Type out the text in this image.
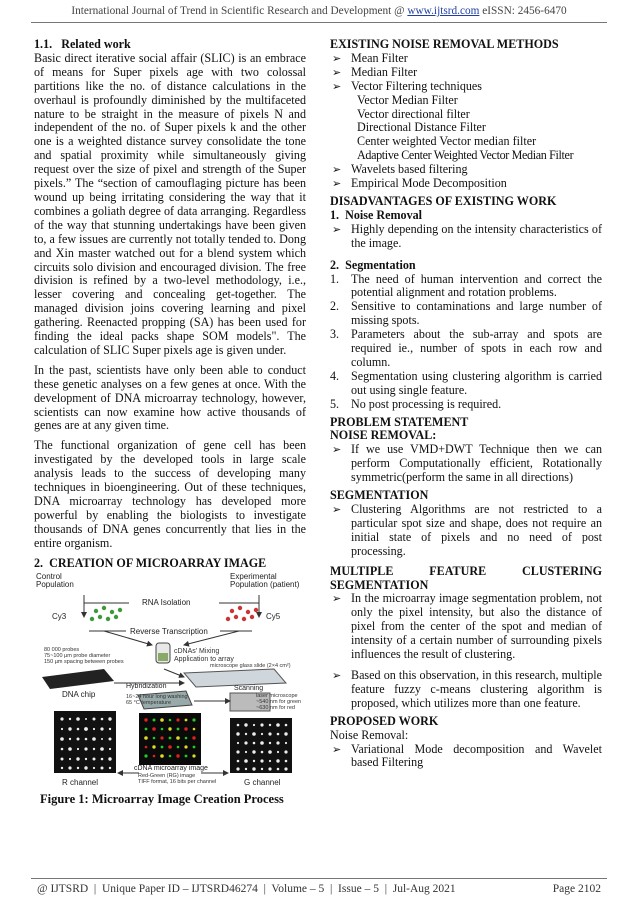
International Journal of Trend in Scientific Research and Development @ www.ijtsrd.com eISSN: 2456-6470
1.1.   Related work

Basic direct iterative social affair (SLIC) is an embrace of means for Super pixels age with two colossal partitions like the no. of distance calculations in the overhaul is profoundly diminished by the multifaceted nature to be straight in the measure of pixels N and independent of the no. of Super pixels k and the other one is a weighted distance survey consolidate the tone and spatial proximity while simultaneously giving request over the size of pixel and strength of the Super pixels.” The “section of camouflaging picture has been wound up being irritating considering the way that it combines a goliath degree of data arranging. Regardless of the way that stunning undertakings have been given to, a few issues are currently not totally tended to. Dong and Xin master watched out for a blend system which circuits solo division and encouraged division. The free division is refined by a two-level methodology, i.e., lesser covering and concealing get-together. The managed division joins covering learning and pixel gathering. Reenacted propping (SA) has been used for finding the ideal packs shape SOM models". The calculation of SLIC Super pixels age is given under.

In the past, scientists have only been able to conduct these genetic analyses on a few genes at once. With the development of DNA microarray technology, however, scientists can now examine how active thousands of genes are at any given time.

The functional organization of gene cell has been investigated by the developed tools in large scale analysis leads to the success of developing many techniques in bioengineering. Out of these techniques, DNA microarray technology has developed more powerful by enabling the biologists to investigate thousands of DNA genes concurrently that lies in the entire organism.

2.  CREATION OF MICROARRAY IMAGE
Control
Population
Experimental
Population (patient)
RNA Isolation
Cy3	Cy5
Reverse Transcription
80 000 probes
75~100 µm probe diameter
150 µm spacing between probes
cDNAs' Mixing
Application to array
microscope glass slide (2×4 cm²)
DNA chip
Hybridization
16~24 hour long washing
65 °C temperature
Scanning
laser microscope
~540 nm for green
~630 nm for red
cDNA microarray image
Red-Green (RG) image
TIFF format, 16 bits per channel
R channel	G channel
Figure 1: Microarray Image Creation Process
EXISTING NOISE REMOVAL METHODS
➢ Mean Filter
➢ Median Filter
➢ Vector Filtering techniques
Vector Median Filter
Vector directional filter
Directional Distance Filter
Center weighted Vector median filter
Adaptive Center Weighted Vector Median Filter
➢ Wavelets based filtering
➢ Empirical Mode Decomposition
DISADVANTAGES OF EXISTING WORK
1.  Noise Removal
➢ Highly depending on the intensity characteristics of the image.
2.  Segmentation
1. The need of human intervention and correct the potential alignment and rotation problems.
2. Sensitive to contaminations and large number of missing spots.
3. Parameters about the sub-array and spots are required ie., number of spots in each row and column.
4. Segmentation using clustering algorithm is carried out using single feature.
5. No post processing is required.
PROBLEM STATEMENT
NOISE REMOVAL:
➢ If we use VMD+DWT Technique then we can perform Computationally efficient, Rotationally symmetric(perform the same in all directions)
SEGMENTATION
➢ Clustering Algorithms are not restricted to a particular spot size and shape, does not require an initial state of pixels and no need of post processing.
MULTIPLE	FEATURE	CLUSTERING
SEGMENTATION
➢ In the microarray image segmentation problem, not only the pixel intensity, but also the distance of pixel from the center of the spot and median of intensity of a certain number of surrounding pixels influences the result of clustering.
➢ Based on this observation, in this research, multiple feature fuzzy c-means clustering algorithm is proposed, which utilizes more than one feature.
PROPOSED WORK
Noise Removal:
➢ Variational Mode decomposition and Wavelet based Filtering
@ IJTSRD  |  Unique Paper ID – IJTSRD46274  |  Volume – 5  |  Issue – 5  |  Jul-Aug 2021	Page 2102
